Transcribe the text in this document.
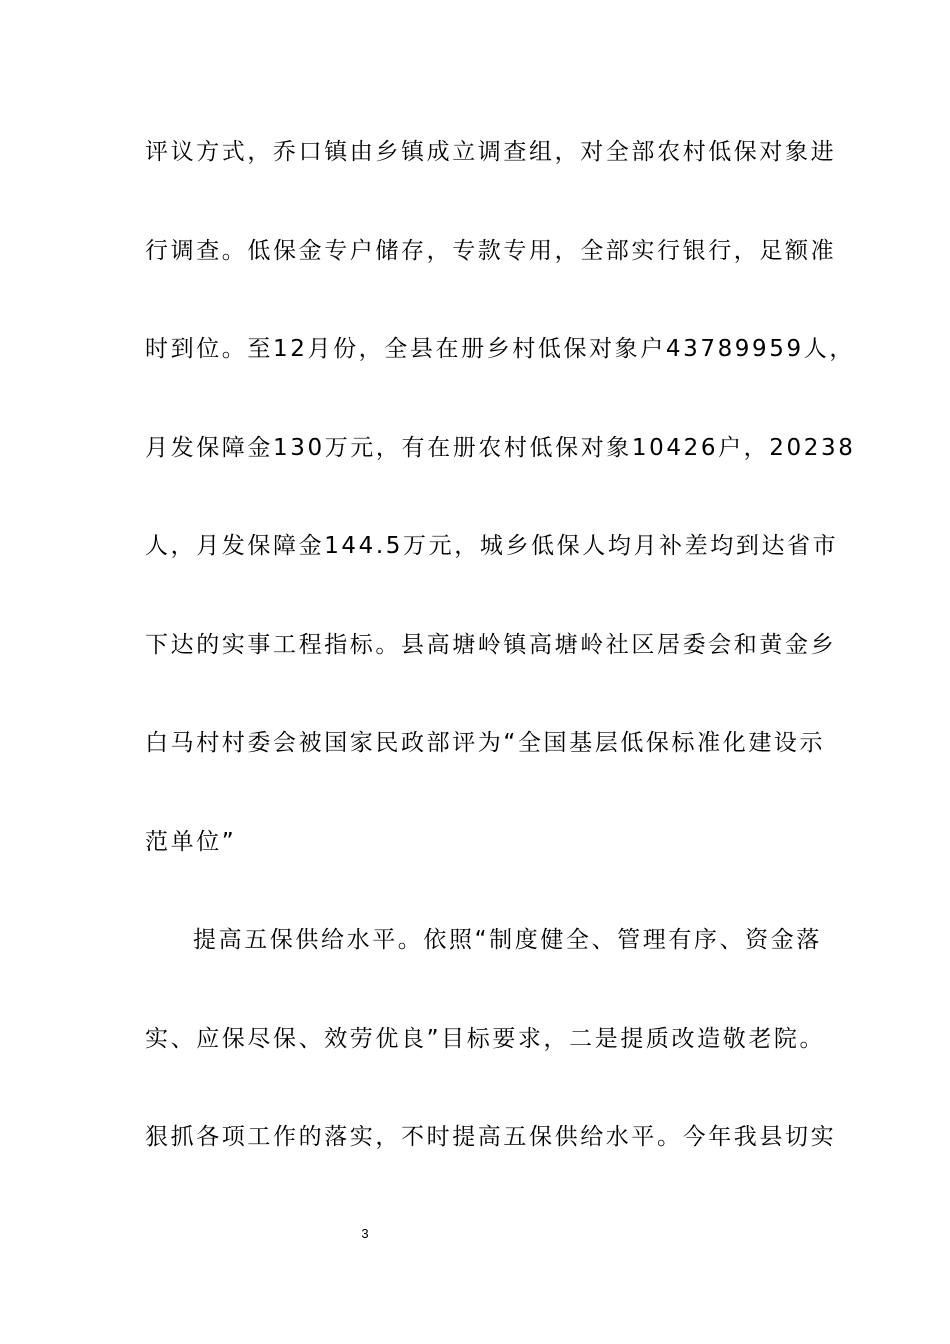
评议方式，乔口镇由乡镇成立调查组，对全部农村低保对象进
行调查。低保金专户储存，专款专用，全部实行银行，足额准
时到位。至12月份，全县在册乡村低保对象户43789959人，
月发保障金130万元，有在册农村低保对象10426户，20238
人，月发保障金144.5万元，城乡低保人均月补差均到达省市
下达的实事工程指标。县高塘岭镇高塘岭社区居委会和黄金乡
白马村村委会被国家民政部评为“全国基层低保标准化建设示
范单位”
提高五保供给水平。依照“制度健全、管理有序、资金落
实、应保尽保、效劳优良”目标要求，二是提质改造敬老院。
狠抓各项工作的落实，不时提高五保供给水平。今年我县切实
3
